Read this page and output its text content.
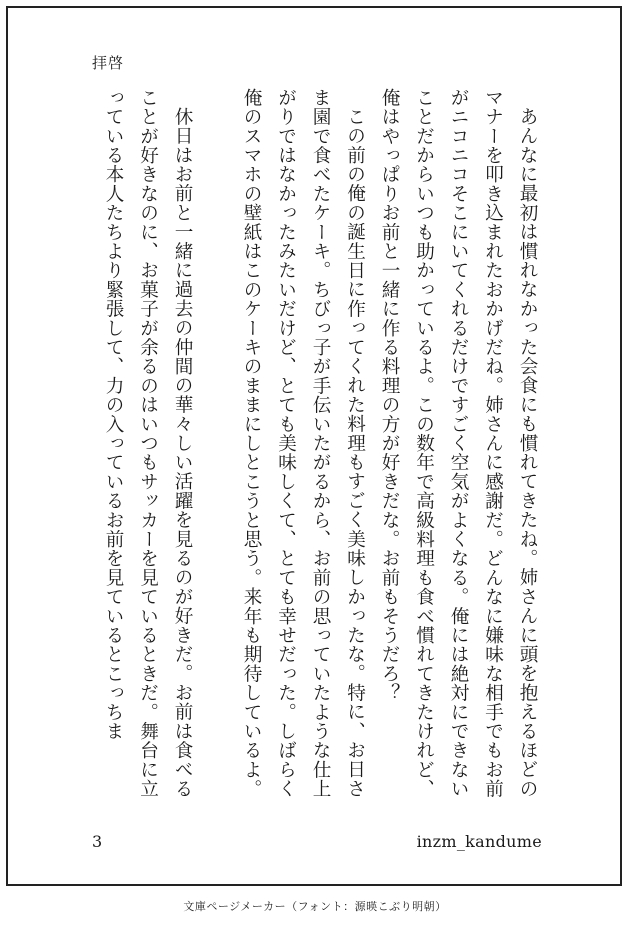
拝啓

あんなに最初は慣れなかった会食にも慣れてきたね。姉さんに頭を抱えるほどのマナーを叩き込まれたおかげだね。姉さんに感謝だ。どんなに嫌味な相手でもお前がニコニコそこにいてくれるだけですごく空気がよくなる。俺には絶対にできないことだからいつも助かっているよ。この数年で高級料理も食べ慣れてきたけれど、俺はやっぱりお前と一緒に作る料理の方が好きだな。お前もそうだろ？

この前の俺の誕生日に作ってくれた料理もすごく美味しかったな。特に、お日さま園で食べたケーキ。ちびっ子が手伝いたがるから、お前の思っていたような仕上がりではなかったみたいだけど、とても美味しくて、とても幸せだった。しばらく俺のスマホの壁紙はこのケーキのままにしとこうと思う。来年も期待しているよ。

休日はお前と一緒に過去の仲間の華々しい活躍を見るのが好きだ。お前は食べることが好きなのに、お菓子が余るのはいつもサッカーを見ているときだ。舞台に立っている本人たちより緊張して、力の入っているお前を見ているとこっちま

3	inzm_kandume
文庫ページメーカー（フォント：源暎こぶり明朝）
